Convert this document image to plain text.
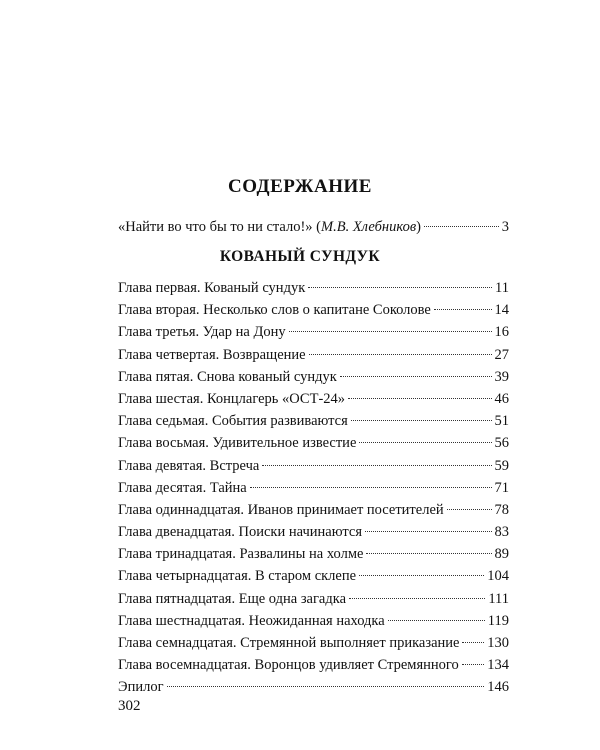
СОДЕРЖАНИЕ
«Найти во что бы то ни стало!» (М.В. Хлебников)	3
КОВАНЫЙ СУНДУК
Глава первая. Кованый сундук	11
Глава вторая. Несколько слов о капитане Соколове	14
Глава третья. Удар на Дону	16
Глава четвертая. Возвращение	27
Глава пятая. Снова кованый сундук	39
Глава шестая. Концлагерь «ОСТ-24»	46
Глава седьмая. События развиваются	51
Глава восьмая. Удивительное известие	56
Глава девятая. Встреча	59
Глава десятая. Тайна	71
Глава одиннадцатая. Иванов принимает посетителей	78
Глава двенадцатая. Поиски начинаются	83
Глава тринадцатая. Развалины на холме	89
Глава четырнадцатая. В старом склепе	104
Глава пятнадцатая. Еще одна загадка	111
Глава шестнадцатая. Неожиданная находка	119
Глава семнадцатая. Стремянной выполняет приказание 130
Глава восемнадцатая. Воронцов удивляет Стремянного 134
Эпилог	146
302
